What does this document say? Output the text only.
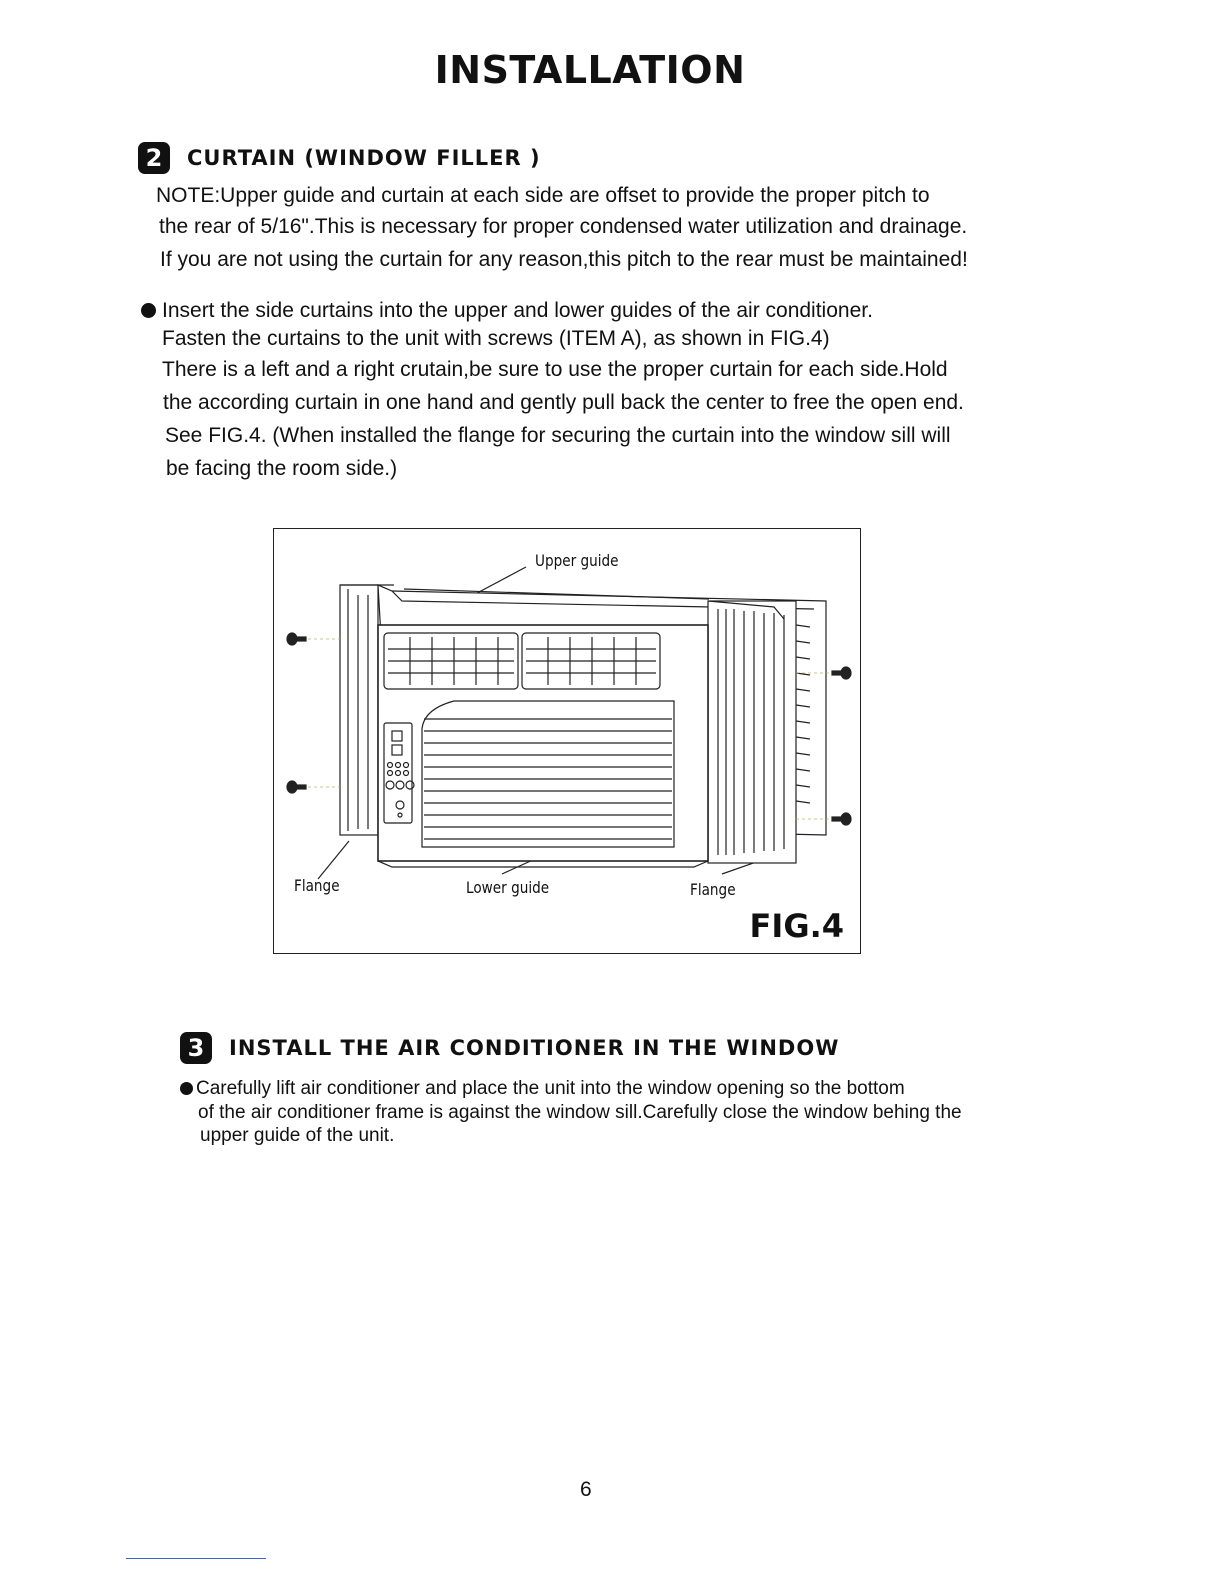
INSTALLATION
2	CURTAIN (WINDOW FILLER )
NOTE:Upper guide and curtain at each side are offset to provide the proper pitch to
the rear of 5/16".This is necessary for proper condensed water utilization and drainage.
If you are not using the curtain for any reason,this pitch to the rear must be maintained!
Insert the side curtains into the upper and lower guides of the air conditioner.
Fasten the curtains to the unit with screws (ITEM A), as shown in FIG.4)
There is a left and a right crutain,be sure to use the proper curtain for each side.Hold
the according curtain in one hand and gently pull back the center to free the open end.
See FIG.4. (When installed the flange for securing the curtain into the window sill will
be facing the room side.)
Upper guide
Flange	Lower guide	Flange
FIG.4
3	INSTALL THE AIR CONDITIONER IN THE WINDOW
Carefully lift air conditioner and place the unit into the window opening so the bottom
of the air conditioner frame is against the window sill.Carefully close the window behing the
upper guide of the unit.
6
